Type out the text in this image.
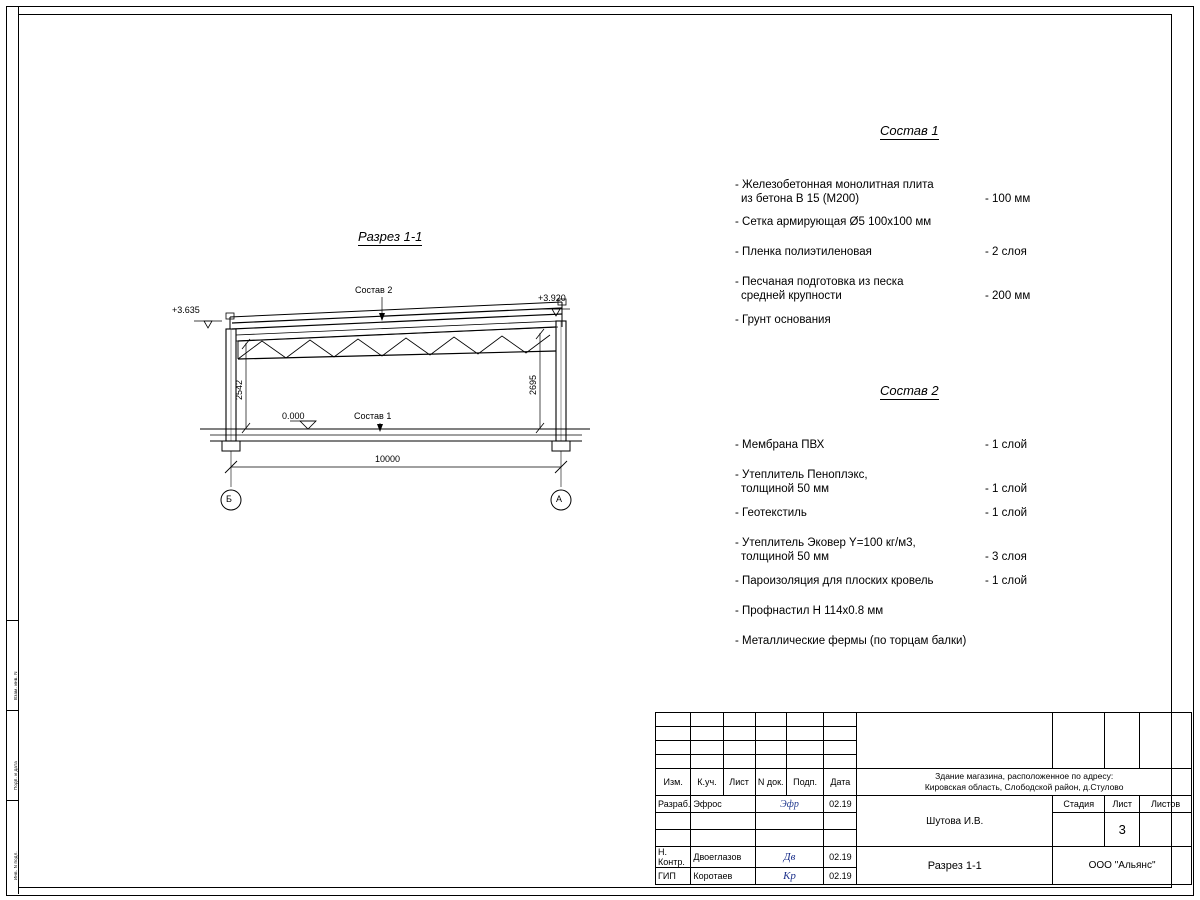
Взам. инв. N
Подп. и дата
Инв. N подл.
Разрез 1-1
2542	2695
Состав 2
Состав 1
+3.635
+3.920
0.000
10000
Б	А
Состав 1
- Железобетонная монолитная плита
из бетона В 15 (М200)	- 100 мм
- Сетка армирующая Ø5 100х100 мм
- Пленка полиэтиленовая	- 2 слоя
- Песчаная подготовка из песка
средней крупности	- 200 мм
- Грунт основания
Состав 2
- Мембрана ПВХ	- 1 слой
- Утеплитель Пеноплэкс,
толщиной 50 мм	- 1 слой
- Геотекстиль	- 1 слой
- Утеплитель Эковер Y=100 кг/м3,
толщиной 50 мм	- 3 слоя
- Пароизоляция для плоских кровель	- 1 слой
- Профнастил Н 114х0.8 мм
- Металлические фермы (по торцам балки)

Изм.	К.уч.	Лист	N док.	Подп.	Дата	Здание магазина, расположенное по адресу:
Кировская область, Слободской район, д.Стулово			

Разраб.	Эфрос		Эфр		02.19	Шутова И.В.	Стадия	Лист	Листов
								3	

Н. Контр.	Двоеглазов		Дв		02.19	Разрез 1-1	ООО "Альянс"		
ГИП	Коротаев		Кр		02.19				
